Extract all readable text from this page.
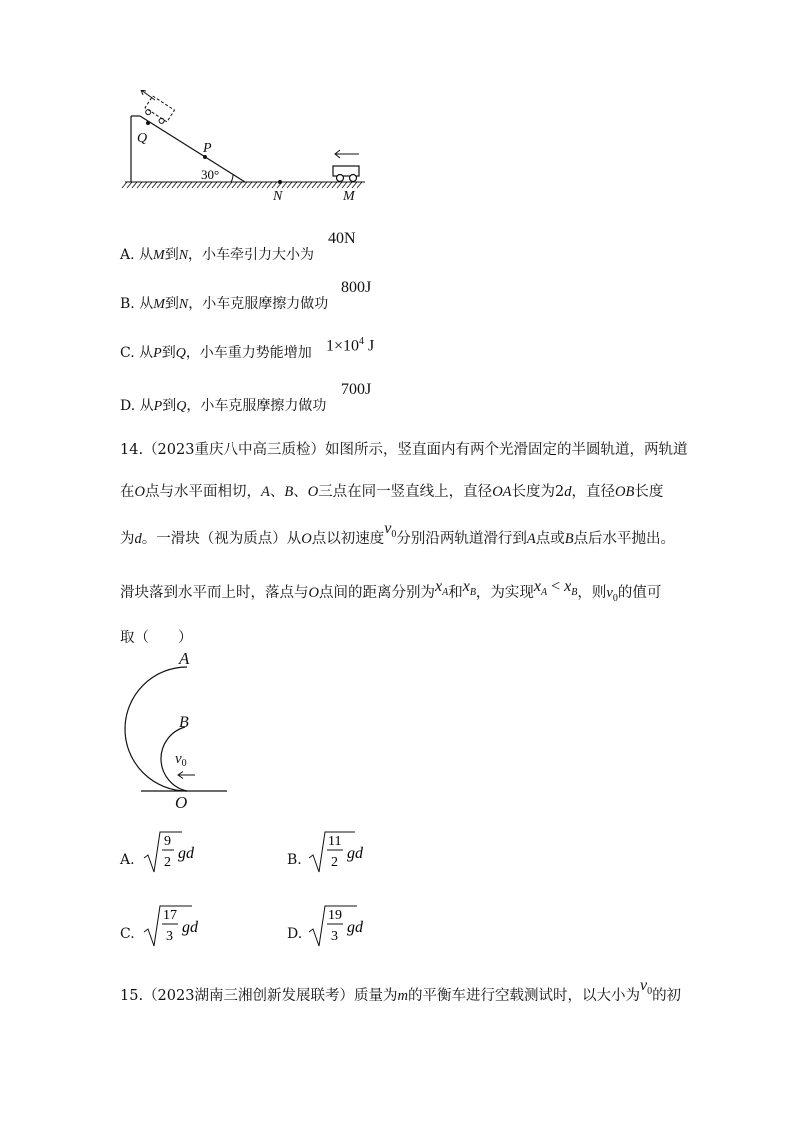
Q
P
30°
N	M
A. 从M到N，小车牵引力大小为
40N
B. 从M到N，小车克服摩擦力做功
800J
C. 从P到Q，小车重力势能增加 $1\times 10^4$ J
D. 从P到Q，小车克服摩擦力做功
700J
14.（2023重庆八中高三质检）如图所示，竖直面内有两个光滑固定的半圆轨道，两轨道
在O点与水平面相切，A、B、O三点在同一竖直线上，直径OA长度为2d，直径OB长度
为d。一滑块（视为质点）从O点以初速度$v_0$分别沿两轨道滑行到A点或B点后水平抛出。
滑块落到水平而上时，落点与O点间的距离分别为$x_A$和$x_B$，为实现$x_A < x_B$，则$v_0$的值可
取（　　）
A
B
$v_0$
O
A.
9
2
gd	B.
11
2
gd
C.
17
3
gd	D.
19
3
gd
15.（2023湖南三湘创新发展联考）质量为m的平衡车进行空载测试时，以大小为$v_0$的初
